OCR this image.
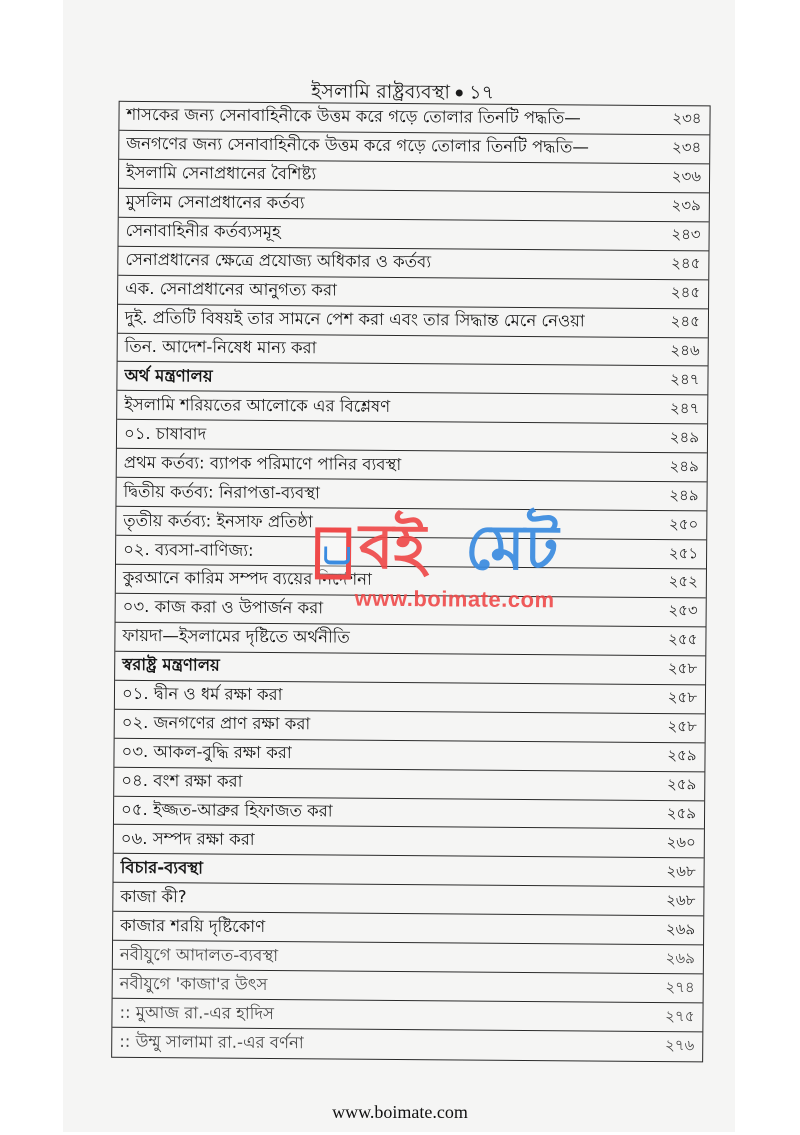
ইসলামি রাষ্ট্রব্যবস্থা ১৭
শাসকের জন্য সেনাবাহিনীকে উত্তম করে গড়ে তোলার তিনটি পদ্ধতি—	২৩৪
জনগণের জন্য সেনাবাহিনীকে উত্তম করে গড়ে তোলার তিনটি পদ্ধতি—	২৩৪
ইসলামি সেনাপ্রধানের বৈশিষ্ট্য	২৩৬
মুসলিম সেনাপ্রধানের কর্তব্য	২৩৯
সেনাবাহিনীর কর্তব্যসমূহ	২৪৩
সেনাপ্রধানের ক্ষেত্রে প্রযোজ্য অধিকার ও কর্তব্য	২৪৫
এক. সেনাপ্রধানের আনুগত্য করা	২৪৫
দুই. প্রতিটি বিষয়ই তার সামনে পেশ করা এবং তার সিদ্ধান্ত মেনে নেওয়া	২৪৫
তিন. আদেশ-নিষেধ মান্য করা	২৪৬
অর্থ মন্ত্রণালয়	২৪৭
ইসলামি শরিয়তের আলোকে এর বিশ্লেষণ	২৪৭
০১. চাষাবাদ	২৪৯
প্রথম কর্তব্য: ব্যাপক পরিমাণে পানির ব্যবস্থা	২৪৯
দ্বিতীয় কর্তব্য: নিরাপত্তা-ব্যবস্থা	২৪৯
তৃতীয় কর্তব্য: ইনসাফ প্রতিষ্ঠা	২৫০
০২. ব্যবসা-বাণিজ্য:	২৫১
কুরআনে কারিম সম্পদ ব্যয়ের নির্দেশনা	২৫২
০৩. কাজ করা ও উপার্জন করা	২৫৩
ফায়দা—ইসলামের দৃষ্টিতে অর্থনীতি	২৫৫
স্বরাষ্ট্র মন্ত্রণালয়	২৫৮
০১. দ্বীন ও ধর্ম রক্ষা করা	২৫৮
০২. জনগণের প্রাণ রক্ষা করা	২৫৮
০৩. আকল-বুদ্ধি রক্ষা করা	২৫৯
০৪. বংশ রক্ষা করা	২৫৯
০৫. ইজ্জত-আব্রুর হিফাজত করা	২৫৯
০৬. সম্পদ রক্ষা করা	২৬০
বিচার-ব্যবস্থা	২৬৮
কাজা কী?	২৬৮
কাজার শরয়ি দৃষ্টিকোণ	২৬৯
নবীযুগে আদালত-ব্যবস্থা	২৬৯
নবীযুগে 'কাজা'র উৎস	২৭৪
:: মুআজ রা.-এর হাদিস	২৭৫
:: উম্মু সালামা রা.-এর বর্ণনা	২৭৬
বই মেট
www.boimate.com
www.boimate.com
